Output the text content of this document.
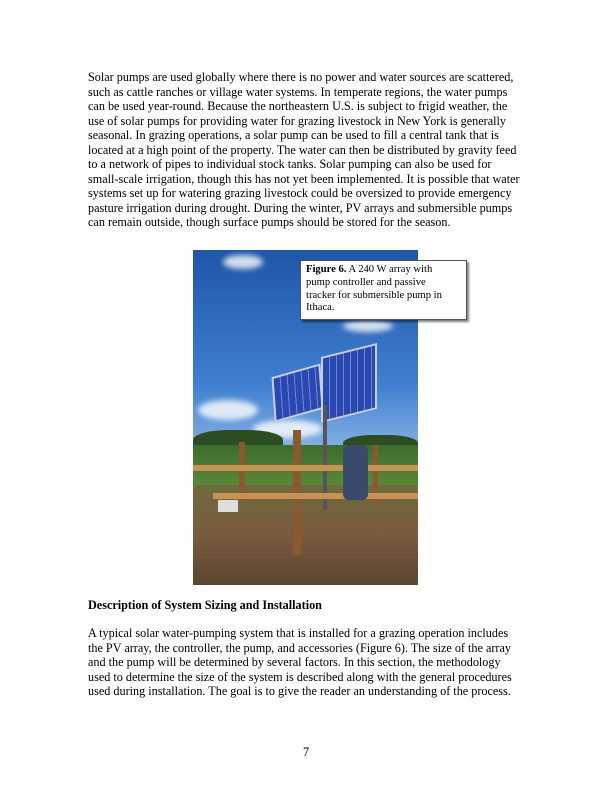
Solar pumps are used globally where there is no power and water sources are scattered,
such as cattle ranches or village water systems. In temperate regions, the water pumps
can be used year-round. Because the northeastern U.S. is subject to frigid weather, the
use of solar pumps for providing water for grazing livestock in New York is generally
seasonal. In grazing operations, a solar pump can be used to fill a central tank that is
located at a high point of the property. The water can then be distributed by gravity feed
to a network of pipes to individual stock tanks. Solar pumping can also be used for
small-scale irrigation, though this has not yet been implemented. It is possible that water
systems set up for watering grazing livestock could be oversized to provide emergency
pasture irrigation during drought. During the winter, PV arrays and submersible pumps
can remain outside, though surface pumps should be stored for the season.
Figure 6. A 240 W array with
pump controller and passive
tracker for submersible pump in
Ithaca.
Description of System Sizing and Installation
A typical solar water-pumping system that is installed for a grazing operation includes
the PV array, the controller, the pump, and accessories (Figure 6). The size of the array
and the pump will be determined by several factors. In this section, the methodology
used to determine the size of the system is described along with the general procedures
used during installation. The goal is to give the reader an understanding of the process.
7
